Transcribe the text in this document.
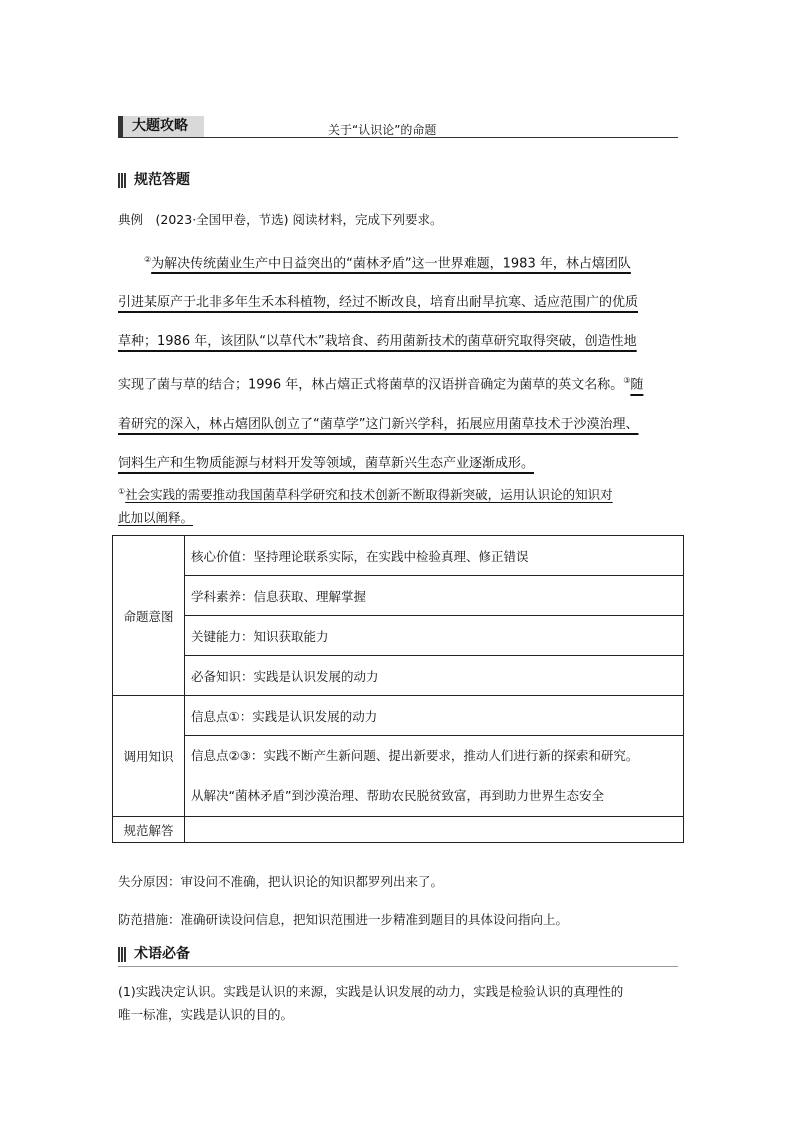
大题攻略	关于“认识论”的命题
规范答题
典例　(2023·全国甲卷，节选) 阅读材料，完成下列要求。
②为解决传统菌业生产中日益突出的“菌林矛盾”这一世界难题，1983 年，林占熺团队
引进某原产于北非多年生禾本科植物，经过不断改良，培育出耐旱抗寒、适应范围广的优质
草种；1986 年，该团队“以草代木”栽培食、药用菌新技术的菌草研究取得突破，创造性地
实现了菌与草的结合；1996 年，林占熺正式将菌草的汉语拼音确定为菌草的英文名称。③随
着研究的深入，林占熺团队创立了“菌草学”这门新兴学科，拓展应用菌草技术于沙漠治理、
饲料生产和生物质能源与材料开发等领域，菌草新兴生态产业逐渐成形。
①社会实践的需要推动我国菌草科学研究和技术创新不断取得新突破，运用认识论的知识对
此加以阐释。
命题意图	核心价值：坚持理论联系实际，在实践中检验真理、修正错误
	学科素养：信息获取、理解掌握
	关键能力：知识获取能力
	必备知识：实践是认识发展的动力
调用知识	信息点①：实践是认识发展的动力

	信息点②③：实践不断产生新问题、提出新要求，推动人们进行新的探索和研究。
从解决“菌林矛盾”到沙漠治理、帮助农民脱贫致富，再到助力世界生态安全

规范解答	
失分原因：审设问不准确，把认识论的知识都罗列出来了。
防范措施：准确研读设问信息，把知识范围进一步精准到题目的具体设问指向上。
术语必备
(1)实践决定认识。实践是认识的来源，实践是认识发展的动力，实践是检验认识的真理性的
唯一标准，实践是认识的目的。
